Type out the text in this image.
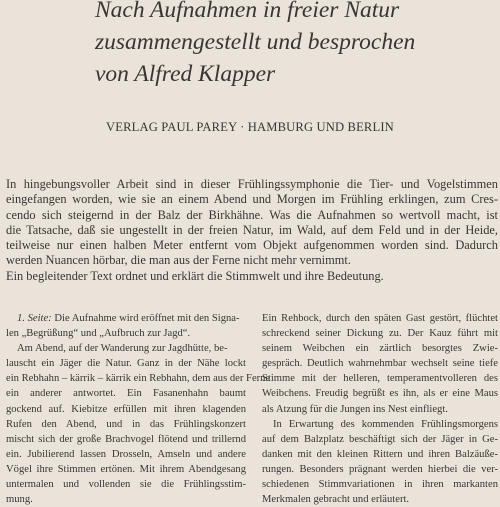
Nach Aufnahmen in freier Natur
zusammengestellt und besprochen
von Alfred Klapper
VERLAG PAUL PAREY · HAMBURG UND BERLIN
In hingebungsvoller Arbeit sind in dieser Frühlingssymphonie die Tier- und Vogelstimmen
eingefangen worden, wie sie an einem Abend und Morgen im Frühling erklingen, zum Cres-
cendo sich steigernd in der Balz der Birkhähne. Was die Aufnahmen so wertvoll macht, ist
die Tatsache, daß sie ungestellt in der freien Natur, im Wald, auf dem Feld und in der Heide,
teilweise nur einen halben Meter entfernt vom Objekt aufgenommen worden sind. Dadurch
werden Nuancen hörbar, die man aus der Ferne nicht mehr vernimmt.
Ein begleitender Text ordnet und erklärt die Stimmwelt und ihre Bedeutung.
1. Seite: Die Aufnahme wird eröffnet mit den Signa-
len „Begrüßung“ und „Aufbruch zur Jagd“.
Am Abend, auf der Wanderung zur Jagdhütte, be-
lauscht ein Jäger die Natur. Ganz in der Nähe lockt
ein Rebhahn – kärrik – kärrik ein Rebhahn, dem aus der Ferne
ein anderer antwortet. Ein Fasanenhahn baumt
gockend auf. Kiebitze erfüllen mit ihren klagenden
Rufen den Abend, und in das Frühlingskonzert
mischt sich der große Brachvogel flötend und trillernd
ein. Jubilierend lassen Drosseln, Amseln und andere
Vögel ihre Stimmen ertönen. Mit ihrem Abendgesang
untermalen und vollenden sie die Frühlingsstim-
mung.
Ein Rehbock, durch den späten Gast gestört, flüchtet
schreckend seiner Dickung zu. Der Kauz führt mit
seinem Weibchen ein zärtlich besorgtes Zwie-
gespräch. Deutlich wahrnehmbar wechselt seine tiefe
Stimme mit der helleren, temperamentvolleren des
Weibchens. Freudig begrüßt es ihn, als er eine Maus
als Atzung für die Jungen ins Nest einfliegt.
In Erwartung des kommenden Frühlingsmorgens
auf dem Balzplatz beschäftigt sich der Jäger in Ge-
danken mit den kleinen Rittern und ihren Balzäuße-
rungen. Besonders prägnant werden hierbei die ver-
schiedenen Stimmvariationen in ihren markanten
Merkmalen gebracht und erläutert.
